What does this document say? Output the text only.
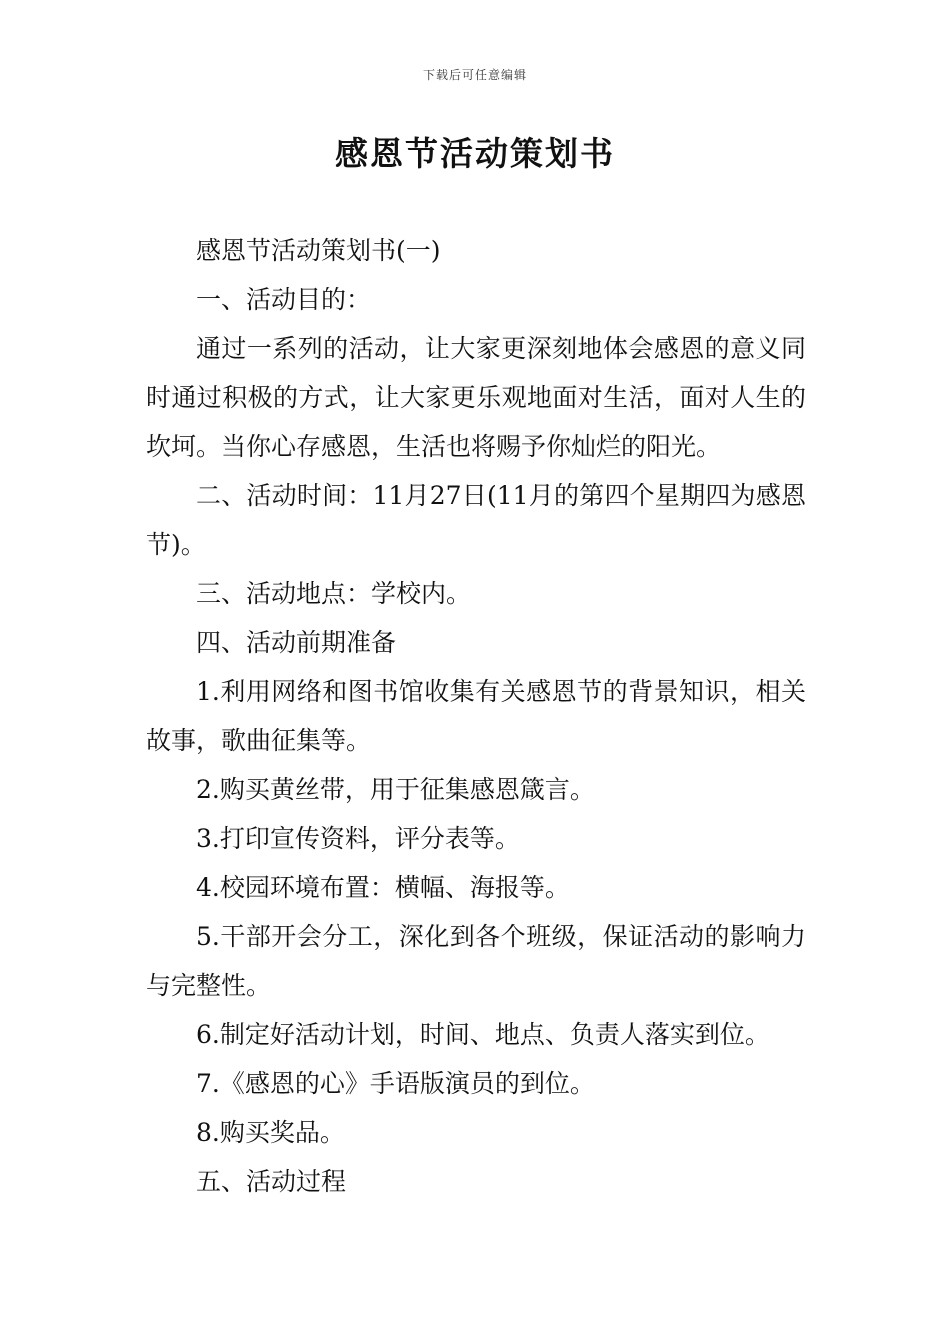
下载后可任意编辑
感恩节活动策划书

感恩节活动策划书(一)

一、活动目的：

通过一系列的活动，让大家更深刻地体会感恩的意义同时通过积极的方式，让大家更乐观地面对生活，面对人生的坎坷。当你心存感恩，生活也将赐予你灿烂的阳光。

二、活动时间：11月27日(11月的第四个星期四为感恩节)。

三、活动地点：学校内。

四、活动前期准备

1.利用网络和图书馆收集有关感恩节的背景知识，相关故事，歌曲征集等。

2.购买黄丝带，用于征集感恩箴言。

3.打印宣传资料，评分表等。

4.校园环境布置：横幅、海报等。

5.干部开会分工，深化到各个班级，保证活动的影响力与完整性。

6.制定好活动计划，时间、地点、负责人落实到位。

7.《感恩的心》手语版演员的到位。

8.购买奖品。

五、活动过程
